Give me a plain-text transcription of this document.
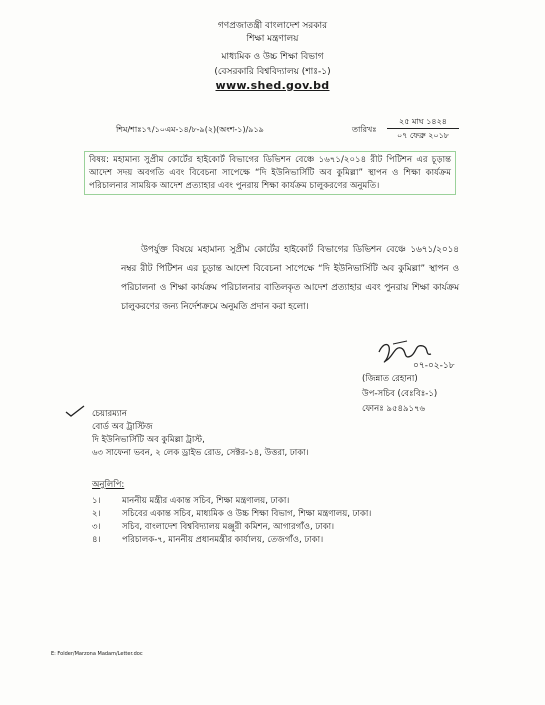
গণপ্রজাতন্ত্রী বাংলাদেশ সরকার
শিক্ষা মন্ত্রণালয়
মাধ্যমিক ও উচ্চ শিক্ষা বিভাগ
(বেসরকারি বিশ্ববিদ্যালয় (শাঃ-১)
www.shed.gov.bd
শিম/শাঃ১৭/১০এম-১৪/৮-৯(২)(অংশ-১)/৯১৯	তারিখঃ
২৫ মাঘ ১৪২৪
০৭ ফেব্রু ২০১৮
বিষয়: মহামান্য সুপ্রীম কোর্টের হাইকোর্ট বিভাগের ডিভিশন বেঞ্চে ১৬৭১/২০১৪ রীট পিটিশন এর চূড়ান্ত আদেশ সদয় অবগতি এবং বিবেচনা সাপেক্ষে “দি ইউনিভার্সিটি অব কুমিল্লা” স্থাপন ও শিক্ষা কার্যক্রম পরিচালনার সাময়িক আদেশ প্রত্যাহার এবং পুনরায় শিক্ষা কার্যক্রম চালুকরণের অনুমতি।
উপর্যুক্ত বিষয়ে মহামান্য সুপ্রীম কোর্টের হাইকোর্ট বিভাগের ডিভিশন বেঞ্চে ১৬৭১/২০১৪ নম্বর রীট পিটিশন এর চূড়ান্ত আদেশ বিবেচনা সাপেক্ষে “দি ইউনিভার্সিটি অব কুমিল্লা” স্থাপন ও পরিচালনা ও শিক্ষা কার্যক্রম পরিচালনার বাতিলকৃত আদেশ প্রত্যাহার এবং পুনরায় শিক্ষা কার্যক্রম চালুকরণের জন্য নির্দেশক্রমে অনুমতি প্রদান করা হলো।
০৭-০২-১৮
(জিন্নাত রেহানা)
উপ-সচিব (বেঃবিঃ-১)
ফোনঃ ৯৫৪৯১৭৬
চেয়ারম্যান
বোর্ড অব ট্রাস্টিজ
দি ইউনিভার্সিটি অব কুমিল্লা ট্রাস্ট,
৬৩ সাফেনা ভবন, ২ লেক ড্রাইভ রোড, সেক্টর-১৪, উত্তরা, ঢাকা।
অনুলিপি:
১।	মাননীয় মন্ত্রীর একান্ত সচিব, শিক্ষা মন্ত্রণালয়, ঢাকা।
২।	সচিবের একান্ত সচিব, মাধ্যমিক ও উচ্চ শিক্ষা বিভাগ, শিক্ষা মন্ত্রণালয়, ঢাকা।
৩।	সচিব, বাংলাদেশ বিশ্ববিদ্যালয় মঞ্জুরী কমিশন, আগারগাঁও, ঢাকা।
৪।	পরিচালক-৭, মাননীয় প্রধানমন্ত্রীর কার্যালয়, তেজগাঁও, ঢাকা।
E: Folder/Marzona Madam/Letter.doc
